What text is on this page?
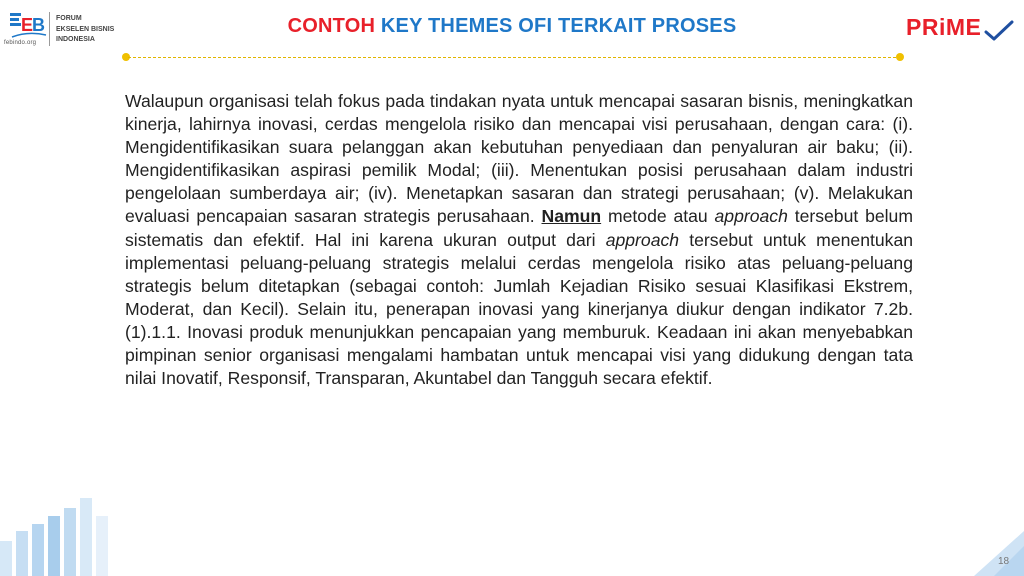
E
B
febindo.org
FORUM
EKSELEN BISNIS
INDONESIA
CONTOH KEY THEMES OFI TERKAIT PROSES	PRiME
Walaupun organisasi telah fokus pada tindakan nyata untuk mencapai sasaran bisnis, meningkatkan kinerja, lahirnya inovasi, cerdas mengelola risiko dan mencapai visi perusahaan, dengan cara: (i). Mengidentifikasikan suara pelanggan akan kebutuhan penyediaan dan penyaluran air baku; (ii). Mengidentifikasikan aspirasi pemilik Modal; (iii). Menentukan posisi perusahaan dalam industri pengelolaan sumberdaya air; (iv). Menetapkan sasaran dan strategi perusahaan; (v). Melakukan evaluasi pencapaian sasaran strategis perusahaan. Namun metode atau approach tersebut belum sistematis dan efektif. Hal ini karena ukuran output dari approach tersebut untuk menentukan implementasi peluang-peluang strategis melalui cerdas mengelola risiko atas peluang-peluang strategis belum ditetapkan (sebagai contoh: Jumlah Kejadian Risiko sesuai Klasifikasi Ekstrem, Moderat, dan Kecil). Selain itu, penerapan inovasi yang kinerjanya diukur dengan indikator 7.2b.(1).1.1. Inovasi produk menunjukkan pencapaian yang memburuk. Keadaan ini akan menyebabkan pimpinan senior organisasi mengalami hambatan untuk mencapai visi yang didukung dengan tata nilai Inovatif, Responsif, Transparan, Akuntabel dan Tangguh secara efektif.
18
